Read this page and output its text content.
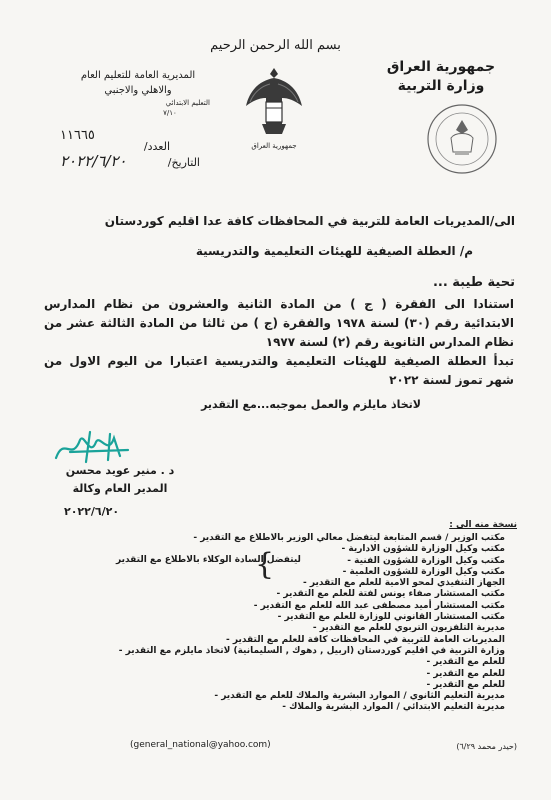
بسم الله الرحمن الرحيم
جمهورية العراق
وزارة التربية
المديرية العامة للتعليم العام
والاهلي والاجنبي
التعليم الابتدائي
٧/١٠
جمهورية العراق
١١٦٦٥
العدد/
٢٠٢٢/٦/٢٠	التاريخ/
الى/المديريات العامة للتربية في المحافظات كافة عدا اقليم كوردستان
م/ العطلة الصيفية للهيئات التعليمية والتدريسية
تحية طيبة ...

استنادا الى الفقرة ( ج ) من المادة الثانية والعشرون من نظام المدارس الابتدائية رقم (٣٠) لسنة ١٩٧٨ والفقرة (ج ) من ثالثا من المادة الثالثة عشر من نظام المدارس الثانوية رقم (٢) لسنة ١٩٧٧

تبدأ العطلة الصيفية للهيئات التعليمية والتدريسية اعتبارا من اليوم الاول من شهر تموز لسنة ٢٠٢٢

لاتخاذ مايلزم والعمل بموجبه...مع التقدير
د . منير عويد محسن
المدير العام وكالة
٢٠٢٢/٦/٢٠
نسخة منه الى :
مكتب الوزير / قسم المتابعة ليتفضل معالي الوزير بالاطلاع مع التقدير -
مكتب وكيل الوزارة للشؤون الادارية -
مكتب وكيل الوزارة للشؤون الفنية -
مكتب وكيل الوزارة للشؤون العلمية -
الجهاز التنفيذي لمحو الامية للعلم مع التقدير -
مكتب المستشار صفاء يونس لفتة للعلم مع التقدير -
مكتب المستشار أميد مصطفى عبد الله للعلم مع التقدير -
مكتب المستشار القانوني للوزارة للعلم مع التقدير -
مديرية التلفزيون التربوي للعلم مع التقدير -
المديريات العامة للتربية في المحافظات كافة للعلم مع التقدير -
وزارة التربية في اقليم كوردستان (اربيل , دهوك , السليمانية) لاتخاذ مايلزم مع التقدير -
للعلم مع التقدير -
للعلم مع التقدير -
للعلم مع التقدير -
مديرية التعليم الثانوي / الموارد البشرية والملاك للعلم مع التقدير -
مديرية التعليم الابتدائي / الموارد البشرية والملاك -
{
ليتفضل السادة الوكلاء بالاطلاع مع التقدير
(general_national@yahoo.com)	(حيدر محمد ٦/٢٩)
